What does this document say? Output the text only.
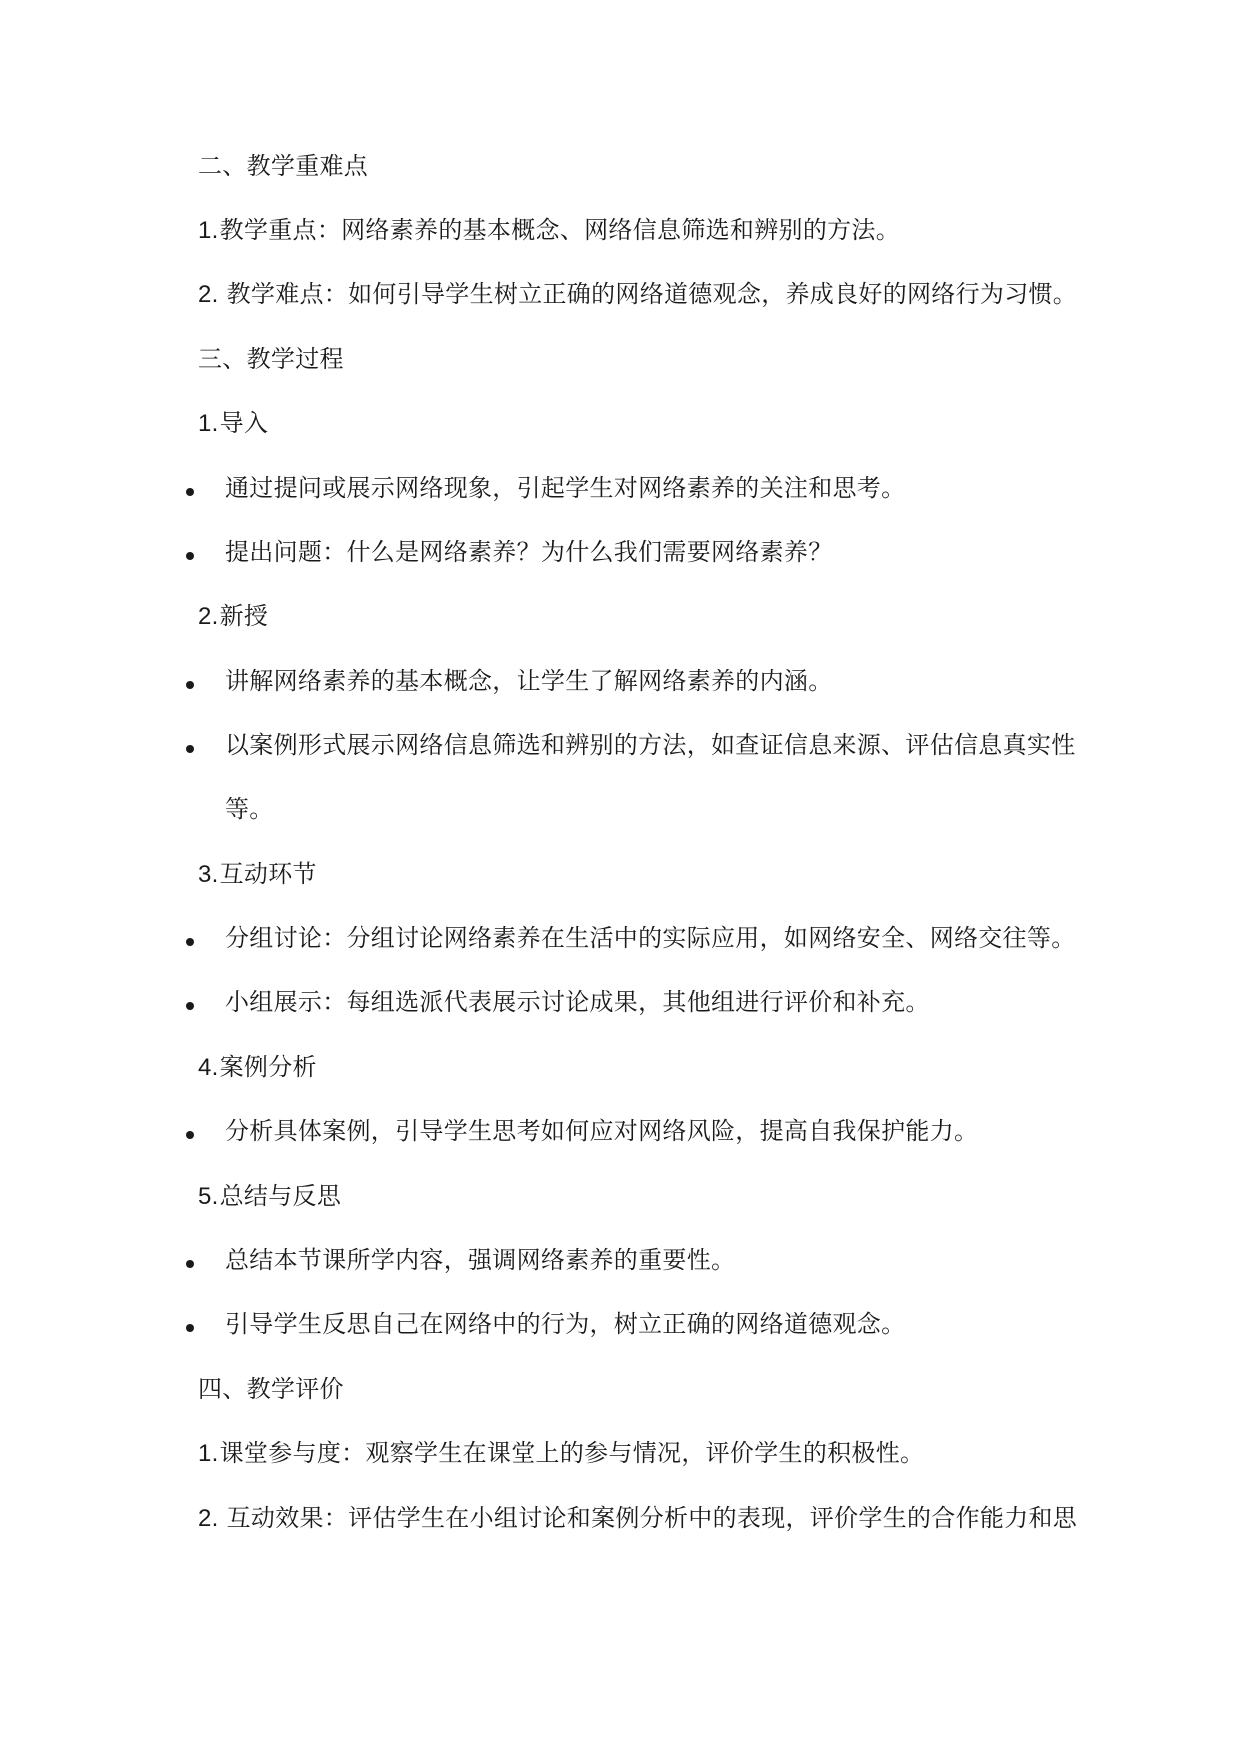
二、教学重难点
1.教学重点：网络素养的基本概念、网络信息筛选和辨别的方法。
2. 教学难点：如何引导学生树立正确的网络道德观念，养成良好的网络行为习惯。
三、教学过程
1.导入
通过提问或展示网络现象，引起学生对网络素养的关注和思考。
提出问题：什么是网络素养？为什么我们需要网络素养？
2.新授
讲解网络素养的基本概念，让学生了解网络素养的内涵。
以案例形式展示网络信息筛选和辨别的方法，如查证信息来源、评估信息真实性
等。
3.互动环节
分组讨论：分组讨论网络素养在生活中的实际应用，如网络安全、网络交往等。
小组展示：每组选派代表展示讨论成果，其他组进行评价和补充。
4.案例分析
分析具体案例，引导学生思考如何应对网络风险，提高自我保护能力。
5.总结与反思
总结本节课所学内容，强调网络素养的重要性。
引导学生反思自己在网络中的行为，树立正确的网络道德观念。
四、教学评价
1.课堂参与度：观察学生在课堂上的参与情况，评价学生的积极性。
2. 互动效果：评估学生在小组讨论和案例分析中的表现，评价学生的合作能力和思
